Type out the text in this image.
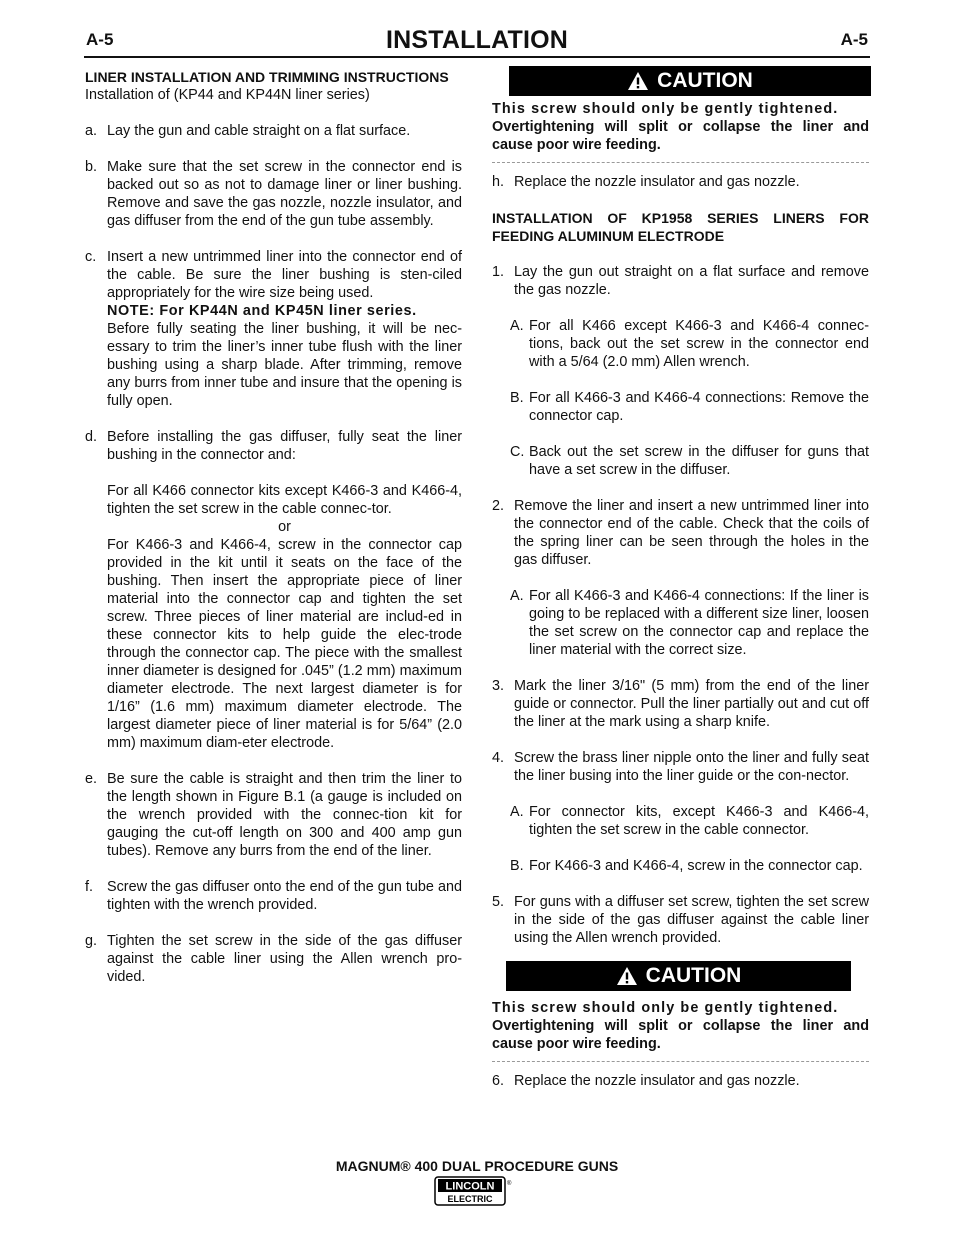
A-5	INSTALLATION	A-5
LINER INSTALLATION AND TRIMMING INSTRUCTIONS
Installation of (KP44 and KP44N liner series)
a. Lay the gun and cable straight on a flat surface.
b. Make sure that the set screw in the connector end is backed out so as not to damage liner or liner bushing. Remove and save the gas nozzle, nozzle insulator, and gas diffuser from the end of the gun tube assembly.
c. Insert a new untrimmed liner into the connector end of the cable. Be sure the liner bushing is sten-ciled appropriately for the wire size being used.
NOTE: For KP44N and KP45N liner series.
Before fully seating the liner bushing, it will be nec-essary to trim the liner’s inner tube flush with the liner bushing using a sharp blade. After trimming, remove any burrs from inner tube and insure that the opening is fully open.
d. Before installing the gas diffuser, fully seat the liner bushing in the connector and:
For all K466 connector kits except K466-3 and K466-4, tighten the set screw in the cable connec-tor.
or
For K466-3 and K466-4, screw in the connector cap provided in the kit until it seats on the face of the bushing. Then insert the appropriate piece of liner material into the connector cap and tighten the set screw. Three pieces of liner material are includ-ed in these connector kits to help guide the elec-trode through the connector cap. The piece with the smallest inner diameter is designed for .045” (1.2 mm) maximum diameter electrode. The next largest diameter is for 1/16” (1.6 mm) maximum diameter electrode. The largest diameter piece of liner material is for 5/64” (2.0 mm) maximum diam-eter electrode.
e. Be sure the cable is straight and then trim the liner to the length shown in Figure B.1 (a gauge is included on the wrench provided with the connec-tion kit for gauging the cut-off length on 300 and 400 amp gun tubes). Remove any burrs from the end of the liner.
f. Screw the gas diffuser onto the end of the gun tube and tighten with the wrench provided.
g. Tighten the set screw in the side of the gas diffuser against the cable liner using the Allen wrench pro-vided.
CAUTION
This screw should only be gently tightened.
Overtightening will split or collapse the liner and cause poor wire feeding.
h. Replace the nozzle insulator and gas nozzle.
INSTALLATION OF KP1958 SERIES LINERS FOR FEEDING ALUMINUM ELECTRODE
1. Lay the gun out straight on a flat surface and remove the gas nozzle.
A. For all K466 except K466-3 and K466-4 connec-tions, back out the set screw in the connector end with a 5/64 (2.0 mm) Allen wrench.
B. For all K466-3 and K466-4 connections: Remove the connector cap.
C. Back out the set screw in the diffuser for guns that have a set screw in the diffuser.
2. Remove the liner and insert a new untrimmed liner into the connector end of the cable. Check that the coils of the spring liner can be seen through the holes in the gas diffuser.
A. For all K466-3 and K466-4 connections: If the liner is going to be replaced with a different size liner, loosen the set screw on the connector cap and replace the liner material with the correct size.
3. Mark the liner 3/16" (5 mm) from the end of the liner guide or connector. Pull the liner partially out and cut off the liner at the mark using a sharp knife.
4. Screw the brass liner nipple onto the liner and fully seat the liner busing into the liner guide or the con-nector.
A. For connector kits, except K466-3 and K466-4, tighten the set screw in the cable connector.
B. For K466-3 and K466-4, screw in the connector cap.
5. For guns with a diffuser set screw, tighten the set screw in the side of the gas diffuser against the cable liner using the Allen wrench provided.
CAUTION
This screw should only be gently tightened.
Overtightening will split or collapse the liner and cause poor wire feeding.
6. Replace the nozzle insulator and gas nozzle.
MAGNUM® 400 DUAL PROCEDURE GUNS
LINCOLN
ELECTRIC
®
